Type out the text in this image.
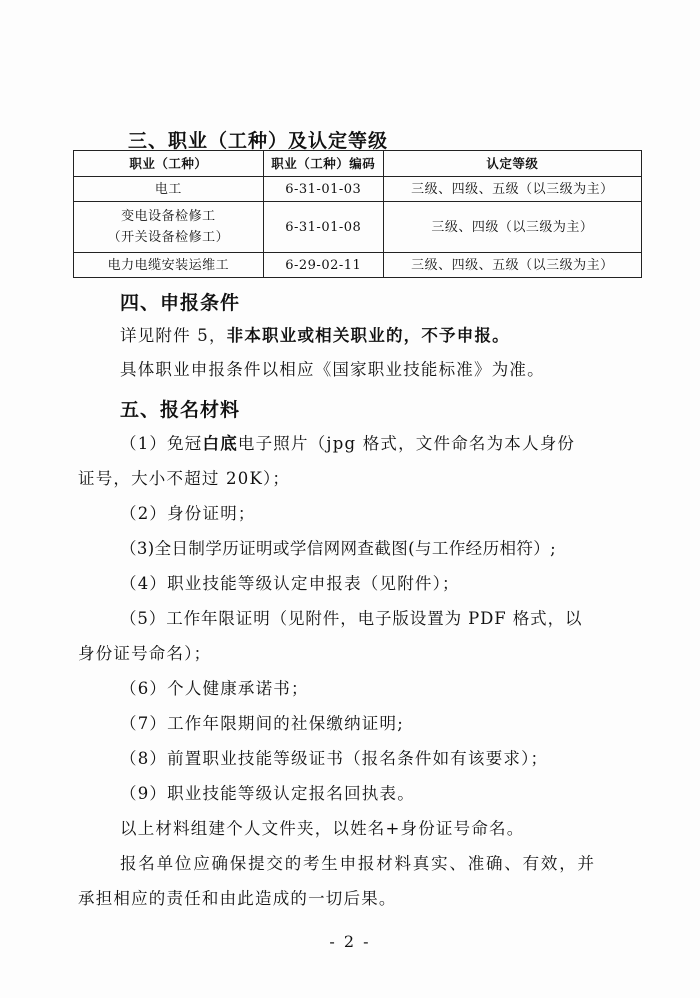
三、职业（工种）及认定等级
职业（工种）	职业（工种）编码	认定等级
电工	6-31-01-03	三级、四级、五级（以三级为主）

变电设备检修工
（开关设备检修工）	6-31-01-08	三级、四级（以三级为主）
电力电缆安装运维工	6-29-02-11	三级、四级、五级（以三级为主）
四、申报条件
详见附件 5，非本职业或相关职业的，不予申报。
具体职业申报条件以相应《国家职业技能标准》为准。
五、报名材料
（1）免冠白底电子照片（jpg 格式，文件命名为本人身份
证号，大小不超过 20K）；
（2）身份证明；
（3)全日制学历证明或学信网网查截图(与工作经历相符）;
（4）职业技能等级认定申报表（见附件）；
（5）工作年限证明（见附件，电子版设置为 PDF 格式，以
身份证号命名）；
（6）个人健康承诺书；
（7）工作年限期间的社保缴纳证明;
（8）前置职业技能等级证书（报名条件如有该要求）；
（9）职业技能等级认定报名回执表。
以上材料组建个人文件夹，以姓名+身份证号命名。
报名单位应确保提交的考生申报材料真实、准确、有效，并
承担相应的责任和由此造成的一切后果。
- 2 -
